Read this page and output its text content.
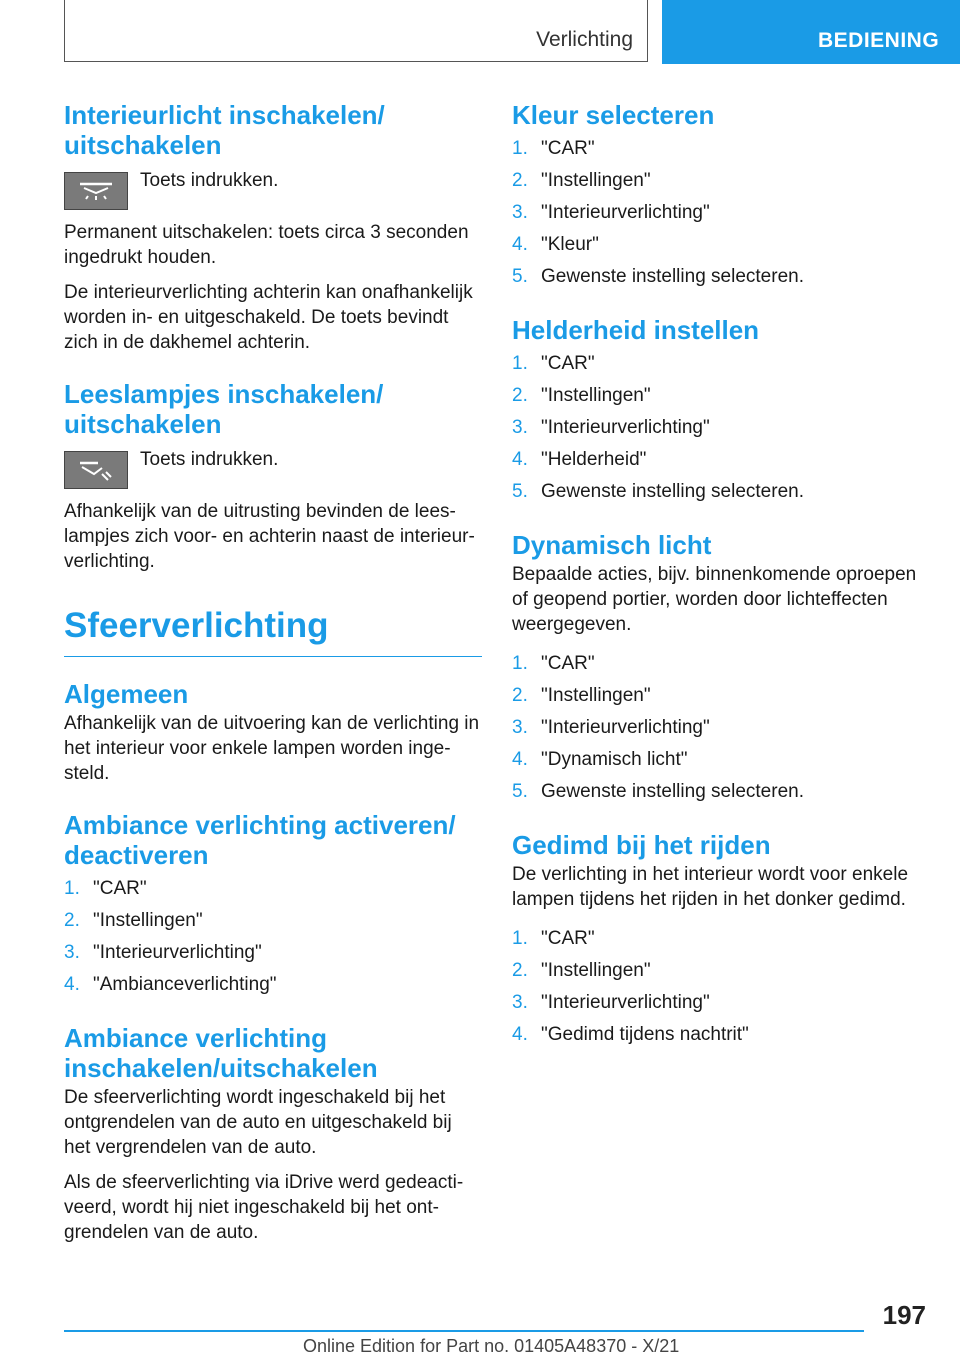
Verlichting	BEDIENING
Interieurlicht inschakelen/ uitschakelen

Toets indrukken.

Permanent uitschakelen: toets circa 3 seconden ingedrukt houden.

De interieurverlichting achterin kan onafhankelijk worden in- en uitgeschakeld. De toets bevindt zich in de dakhemel achterin.

Leeslampjes inschakelen/ uitschakelen

Toets indrukken.

Afhankelijk van de uitrusting bevinden de lees- lampjes zich voor- en achterin naast de interieur- verlichting.

Sfeerverlichting
Algemeen

Afhankelijk van de uitvoering kan de verlichting in het interieur voor enkele lampen worden inge- steld.

Ambiance verlichting activeren/ deactiveren
1. "CAR"
2. "Instellingen"
3. "Interieurverlichting"
4. "Ambianceverlichting"
Ambiance verlichting inschakelen/uitschakelen

De sfeerverlichting wordt ingeschakeld bij het ontgrendelen van de auto en uitgeschakeld bij het vergrendelen van de auto.

Als de sfeerverlichting via iDrive werd gedeacti- veerd, wordt hij niet ingeschakeld bij het ont- grendelen van de auto.

Kleur selecteren
1. "CAR"
2. "Instellingen"
3. "Interieurverlichting"
4. "Kleur"
5. Gewenste instelling selecteren.
Helderheid instellen
1. "CAR"
2. "Instellingen"
3. "Interieurverlichting"
4. "Helderheid"
5. Gewenste instelling selecteren.
Dynamisch licht

Bepaalde acties, bijv. binnenkomende oproepen of geopend portier, worden door lichteffecten weergegeven.

1. "CAR"
2. "Instellingen"
3. "Interieurverlichting"
4. "Dynamisch licht"
5. Gewenste instelling selecteren.
Gedimd bij het rijden

De verlichting in het interieur wordt voor enkele lampen tijdens het rijden in het donker gedimd.

1. "CAR"
2. "Instellingen"
3. "Interieurverlichting"
4. "Gedimd tijdens nachtrit"
197
Online Edition for Part no. 01405A48370 - X/21
